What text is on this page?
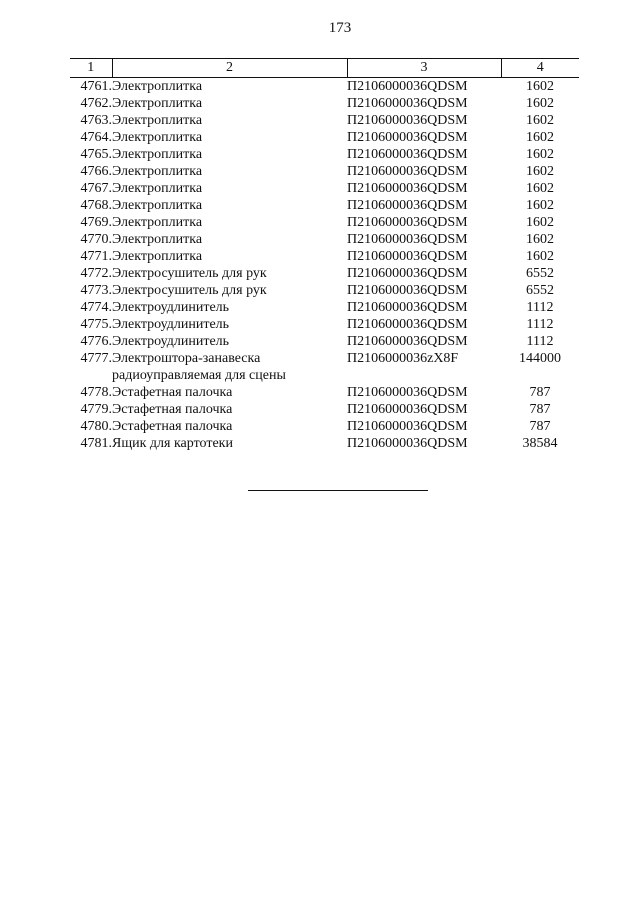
173
1	2	3	4
4761.	Электроплитка	П2106000036QDSM	1602
4762.	Электроплитка	П2106000036QDSM	1602
4763.	Электроплитка	П2106000036QDSM	1602
4764.	Электроплитка	П2106000036QDSM	1602
4765.	Электроплитка	П2106000036QDSM	1602
4766.	Электроплитка	П2106000036QDSM	1602
4767.	Электроплитка	П2106000036QDSM	1602
4768.	Электроплитка	П2106000036QDSM	1602
4769.	Электроплитка	П2106000036QDSM	1602
4770.	Электроплитка	П2106000036QDSM	1602
4771.	Электроплитка	П2106000036QDSM	1602
4772.	Электросушитель для рук	П2106000036QDSM	6552
4773.	Электросушитель для рук	П2106000036QDSM	6552
4774.	Электроудлинитель	П2106000036QDSM	1112
4775.	Электроудлинитель	П2106000036QDSM	1112
4776.	Электроудлинитель	П2106000036QDSM	1112
4777.	Электроштора-занавеска радиоуправляемая для сцены	П2106000036zX8F	144000
4778.	Эстафетная палочка	П2106000036QDSM	787
4779.	Эстафетная палочка	П2106000036QDSM	787
4780.	Эстафетная палочка	П2106000036QDSM	787
4781.	Ящик для картотеки	П2106000036QDSM	38584
